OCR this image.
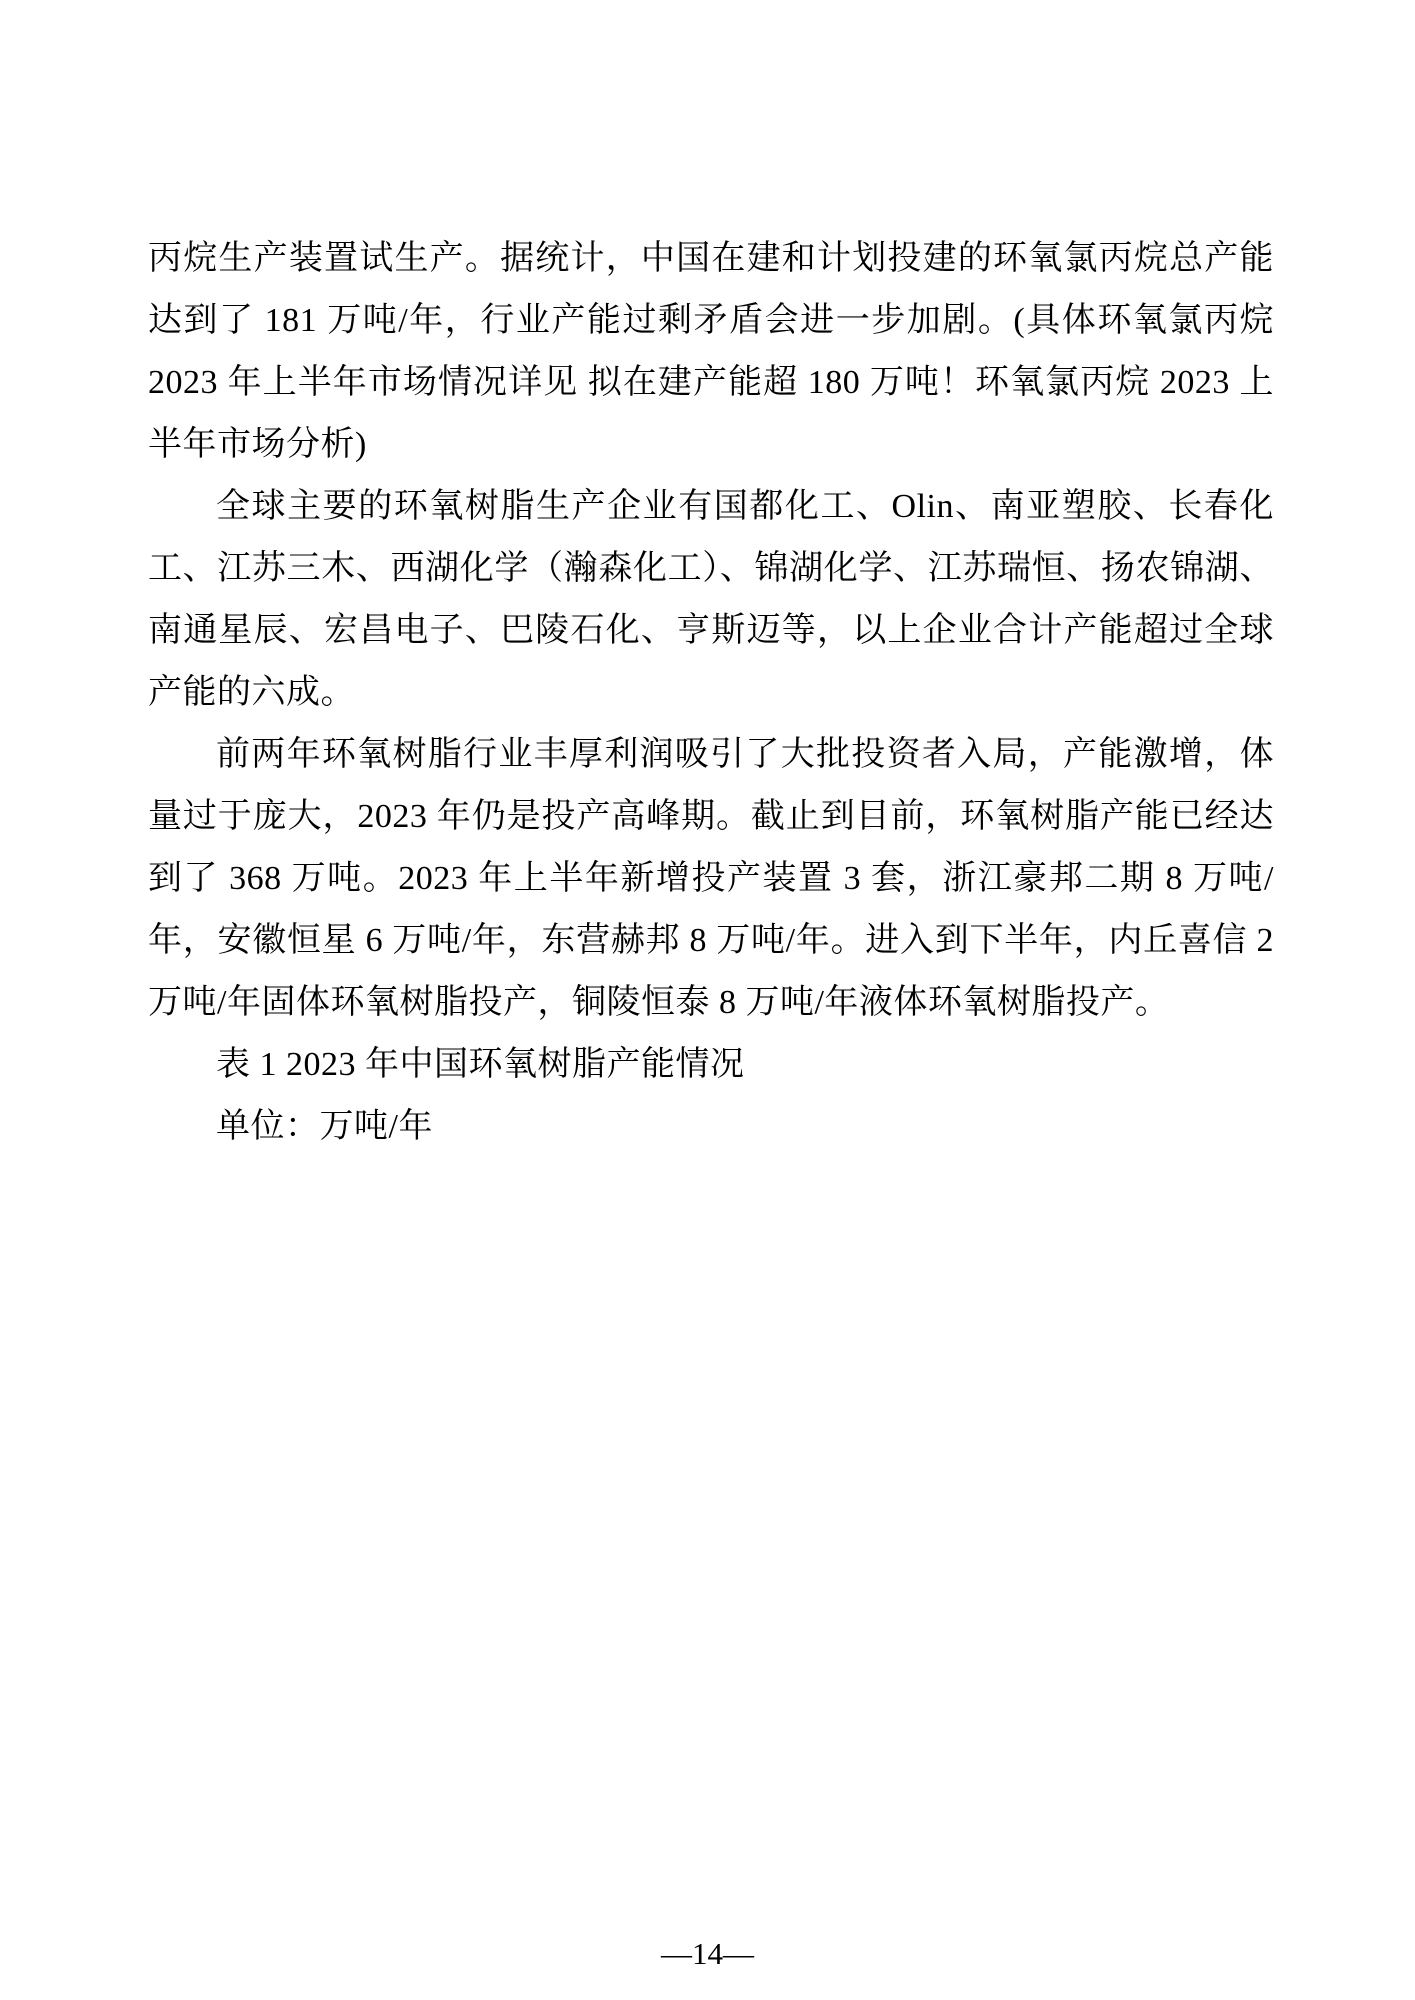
丙烷生产装置试生产。据统计，中国在建和计划投建的环氧氯丙烷总产能达到了 181 万吨/年，行业产能过剩矛盾会进一步加剧。(具体环氧氯丙烷 2023 年上半年市场情况详见 拟在建产能超 180 万吨！环氧氯丙烷 2023 上半年市场分析)

全球主要的环氧树脂生产企业有国都化工、Olin、南亚塑胶、长春化工、江苏三木、西湖化学（瀚森化工）、锦湖化学、江苏瑞恒、扬农锦湖、南通星辰、宏昌电子、巴陵石化、亨斯迈等，以上企业合计产能超过全球产能的六成。

前两年环氧树脂行业丰厚利润吸引了大批投资者入局，产能激增，体量过于庞大，2023 年仍是投产高峰期。截止到目前，环氧树脂产能已经达到了 368 万吨。2023 年上半年新增投产装置 3 套，浙江豪邦二期 8 万吨/年，安徽恒星 6 万吨/年，东营赫邦 8 万吨/年。进入到下半年，内丘喜信 2 万吨/年固体环氧树脂投产，铜陵恒泰 8 万吨/年液体环氧树脂投产。

表 1 2023 年中国环氧树脂产能情况

单位：万吨/年

—14—
